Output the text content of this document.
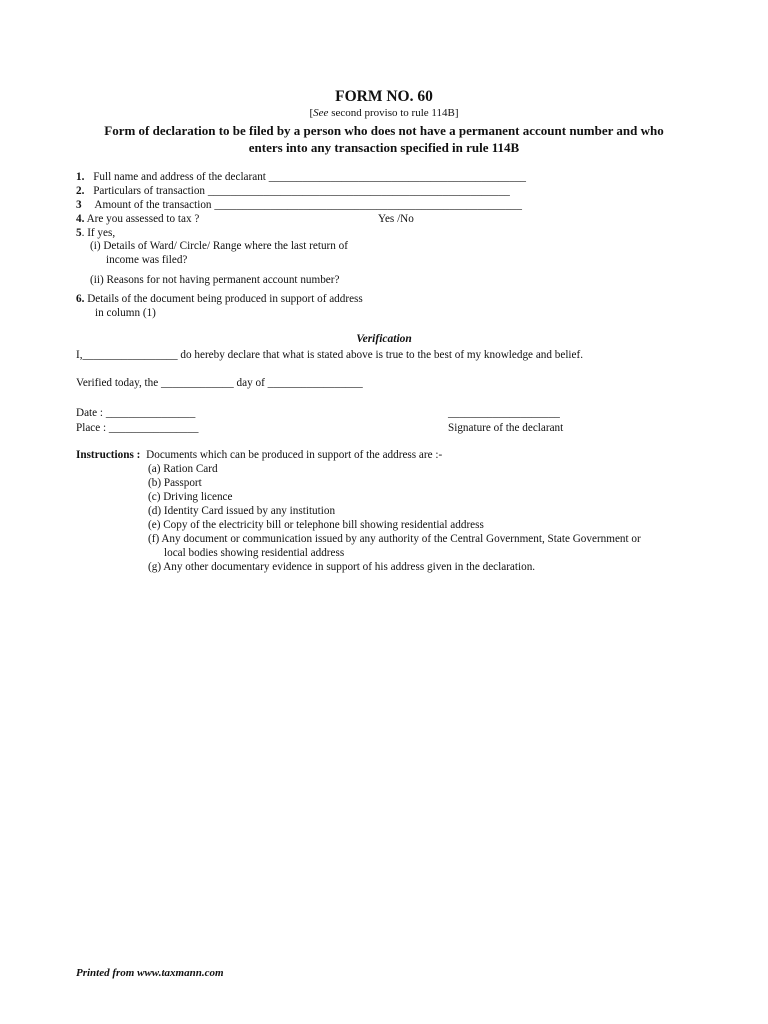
FORM NO. 60
[See second proviso to rule 114B]
Form of declaration to be filed by a person who does not have a permanent account number and who
enters into any transaction specified in rule 114B
1. Full name and address of the declarant ______________________________________________
2. Particulars of transaction ______________________________________________________
3 Amount of the transaction _______________________________________________________
4. Are you assessed to tax ?	Yes /No
5. If yes,
(i) Details of Ward/ Circle/ Range where the last return of
income was filed?
(ii) Reasons for not having permanent account number?
6. Details of the document being produced in support of address
in column (1)
Verification
I,_________________ do hereby declare that what is stated above is true to the best of my knowledge and belief.
Verified today, the _____________ day of _________________
Date : ________________
Place : ________________
____________________
Signature of the declarant
Instructions : Documents which can be produced in support of the address are :-
(a) Ration Card
(b) Passport
(c) Driving licence
(d) Identity Card issued by any institution
(e) Copy of the electricity bill or telephone bill showing residential address
(f) Any document or communication issued by any authority of the Central Government, State Government or
local bodies showing residential address
(g) Any other documentary evidence in support of his address given in the declaration.
Printed from www.taxmann.com
